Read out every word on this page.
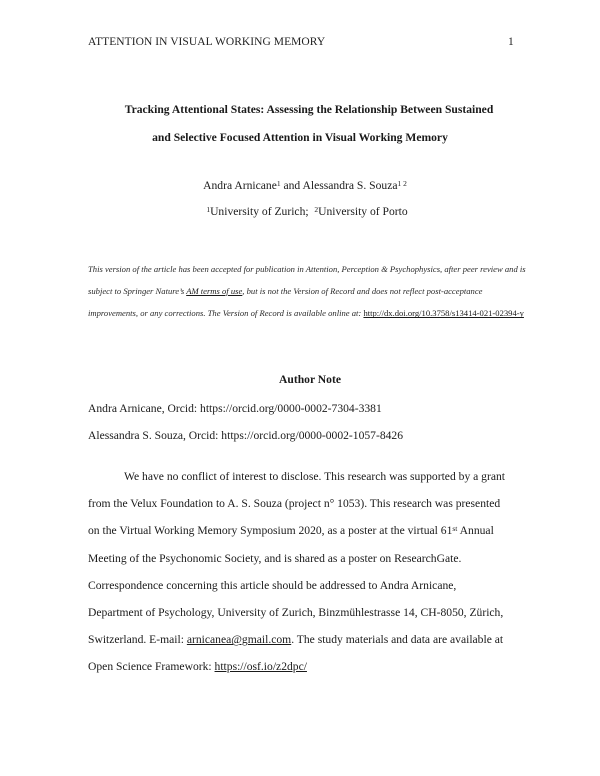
ATTENTION IN VISUAL WORKING MEMORY	1
Tracking Attentional States: Assessing the Relationship Between Sustained
and Selective Focused Attention in Visual Working Memory
Andra Arnicane$^1$ and Alessandra S. Souza$^{1 2}$
$^1$University of Zurich; $^2$University of Porto
This version of the article has been accepted for publication in Attention, Perception & Psychophysics, after peer review and is subject to Springer Nature’s AM terms of use, but is not the Version of Record and does not reflect post-acceptance improvements, or any corrections. The Version of Record is available online at: http://dx.doi.org/10.3758/s13414-021-02394-y
Author Note
Andra Arnicane, Orcid: https://orcid.org/0000-0002-7304-3381
Alessandra S. Souza, Orcid: https://orcid.org/0000-0002-1057-8426
We have no conflict of interest to disclose. This research was supported by a grant
from the Velux Foundation to A. S. Souza (project n° 1053). This research was presented
on the Virtual Working Memory Symposium 2020, as a poster at the virtual 61st Annual
Meeting of the Psychonomic Society, and is shared as a poster on ResearchGate.
Correspondence concerning this article should be addressed to Andra Arnicane,
Department of Psychology, University of Zurich, Binzmühlestrasse 14, CH-8050, Zürich,
Switzerland. E-mail: arnicanea@gmail.com. The study materials and data are available at
Open Science Framework: https://osf.io/z2dpc/
